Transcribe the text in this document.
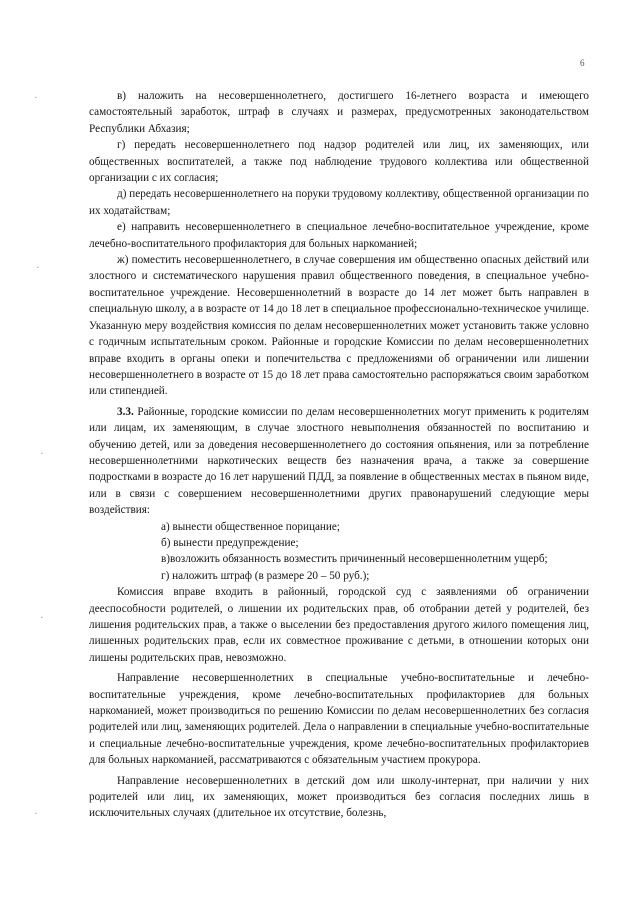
6
·
·
·
·
·

в) наложить на несовершеннолетнего, достигшего 16-летнего возраста и имеющего самостоятельный заработок, штраф в случаях и размерах, предусмотренных законодательством Республики Абхазия;

г) передать несовершеннолетнего под надзор родителей или лиц, их заменяющих, или общественных воспитателей, а также под наблюдение трудового коллектива или общественной организации с их согласия;

д) передать несовершеннолетнего на поруки трудовому коллективу, общественной организации по их ходатайствам;

е) направить несовершеннолетнего в специальное лечебно-воспитательное учреждение, кроме лечебно-воспитательного профилактория для больных наркоманией;

ж) поместить несовершеннолетнего, в случае совершения им общественно опасных действий или злостного и систематического нарушения правил общественного поведения, в специальное учебно-воспитательное учреждение. Несовершеннолетний в возрасте до 14 лет может быть направлен в специальную школу, а в возрасте от 14 до 18 лет в специальное профессионально-техническое училище. Указанную меру воздействия комиссия по делам несовершеннолетних может установить также условно с годичным испытательным сроком. Районные и городские Комиссии по делам несовершеннолетних вправе входить в органы опеки и попечительства с предложениями об ограничении или лишении несовершеннолетнего в возрасте от 15 до 18 лет права самостоятельно распоряжаться своим заработком или стипендией.

3.3. Районные, городские комиссии по делам несовершеннолетних могут применить к родителям или лицам, их заменяющим, в случае злостного невыполнения обязанностей по воспитанию и обучению детей, или за доведения несовершеннолетнего до состояния опьянения, или за потребление несовершеннолетними наркотических веществ без назначения врача, а также за совершение подростками в возрасте до 16 лет нарушений ПДД, за появление в общественных местах в пьяном виде, или в связи с совершением несовершеннолетними других правонарушений следующие меры воздействия:

а) вынести общественное порицание;
б) вынести предупреждение;
в)возложить обязанность возместить причиненный несовершеннолетним ущерб;
г) наложить штраф (в размере 20 – 50 руб.);

Комиссия вправе входить в районный, городской суд с заявлениями об ограничении дееспособности родителей, о лишении их родительских прав, об отобрании детей у родителей, без лишения родительских прав, а также о выселении без предоставления другого жилого помещения лиц, лишенных родительских прав, если их совместное проживание с детьми, в отношении которых они лишены родительских прав, невозможно.

Направление несовершеннолетних в специальные учебно-воспитательные и лечебно-воспитательные учреждения, кроме лечебно-воспитательных профилакториев для больных наркоманией, может производиться по решению Комиссии по делам несовершеннолетних без согласия родителей или лиц, заменяющих родителей. Дела о направлении в специальные учебно-воспитательные и специальные лечебно-воспитательные учреждения, кроме лечебно-воспитательных профилакториев для больных наркоманией, рассматриваются с обязательным участием прокурора.

Направление несовершеннолетних в детский дом или школу-интернат, при наличии у них родителей или лиц, их заменяющих, может производиться без согласия последних лишь в исключительных случаях (длительное их отсутствие, болезнь,
